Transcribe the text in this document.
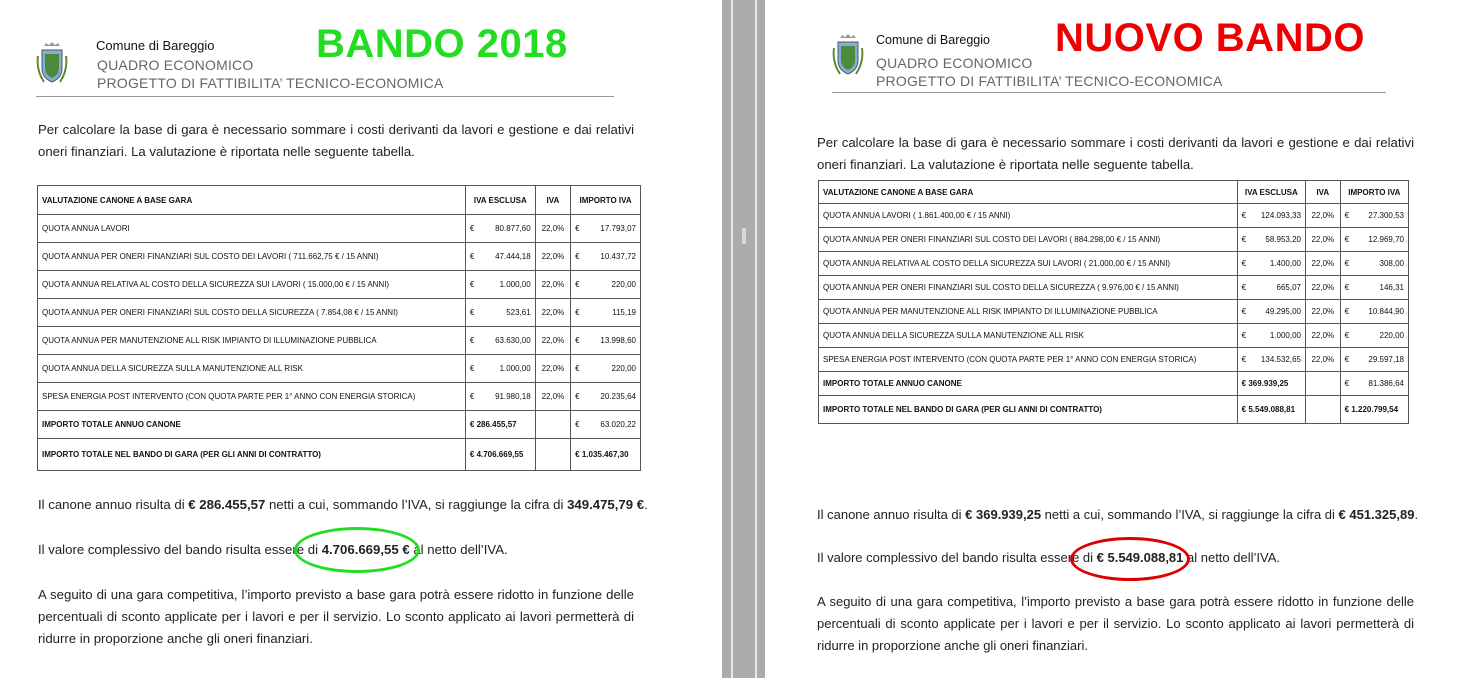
Comune di Bareggio
QUADRO ECONOMICO
PROGETTO DI FATTIBILITA’ TECNICO-ECONOMICA
BANDO 2018
Per calcolare la base di gara è necessario sommare i costi derivanti da lavori e gestione e dai relativi oneri finanziari. La valutazione è riportata nelle seguente tabella.
VALUTAZIONE CANONE A BASE GARA	IVA ESCLUSA	IVA	IMPORTO IVA
QUOTA ANNUA LAVORI	€ 80.877,60	22,0%	€ 17.793,07

QUOTA ANNUA PER ONERI FINANZIARI SUL COSTO DEI LAVORI ( 711.662,75 € / 15 ANNI)	€ 47.444,18	22,0%	€ 10.437,72

QUOTA ANNUA RELATIVA AL COSTO DELLA SICUREZZA SUI LAVORI ( 15.000,00 € / 15 ANNI)	€ 1.000,00	22,0%	€ 220,00

QUOTA ANNUA PER ONERI FINANZIARI SUL COSTO DELLA SICUREZZA ( 7.854,08 € / 15 ANNI)	€ 523,61	22,0%	€ 115,19

QUOTA ANNUA PER MANUTENZIONE ALL RISK IMPIANTO DI ILLUMINAZIONE PUBBLICA	€ 63.630,00	22,0%	€ 13.998,60

QUOTA ANNUA DELLA SICUREZZA SULLA MANUTENZIONE ALL RISK	€ 1.000,00	22,0%	€ 220,00

SPESA ENERGIA POST INTERVENTO (CON QUOTA PARTE PER 1° ANNO CON ENERGIA STORICA)	€ 91.980,18	22,0%	€ 20.235,64

IMPORTO TOTALE ANNUO CANONE	€ 286.455,57		€ 63.020,22

IMPORTO TOTALE NEL BANDO DI GARA (PER GLI ANNI DI CONTRATTO)	€ 4.706.669,55		€ 1.035.467,30
Il canone annuo risulta di € 286.455,57 netti a cui, sommando l’IVA, si raggiunge la cifra di 349.475,79 €.
Il valore complessivo del bando risulta essere di 4.706.669,55 € al netto dell’IVA.
A seguito di una gara competitiva, l’importo previsto a base gara potrà essere ridotto in funzione delle percentuali di sconto applicate per i lavori e per il servizio. Lo sconto applicato ai lavori permetterà di ridurre in proporzione anche gli oneri finanziari.
Comune di Bareggio
QUADRO ECONOMICO
PROGETTO DI FATTIBILITA’ TECNICO-ECONOMICA
NUOVO BANDO
Per calcolare la base di gara è necessario sommare i costi derivanti da lavori e gestione e dai relativi oneri finanziari. La valutazione è riportata nelle seguente tabella.
VALUTAZIONE CANONE A BASE GARA	IVA ESCLUSA	IVA	IMPORTO IVA
QUOTA ANNUA LAVORI ( 1.861.400,00 € / 15 ANNI)	€ 124.093,33	22,0%	€ 27.300,53

QUOTA ANNUA PER ONERI FINANZIARI SUL COSTO DEI LAVORI ( 884.298,00 € / 15 ANNI)	€ 58.953,20	22,0%	€ 12.969,70

QUOTA ANNUA RELATIVA AL COSTO DELLA SICUREZZA SUI LAVORI ( 21.000,00 € / 15 ANNI)	€ 1.400,00	22,0%	€ 308,00

QUOTA ANNUA PER ONERI FINANZIARI SUL COSTO DELLA SICUREZZA ( 9.976,00 € / 15 ANNI)	€ 665,07	22,0%	€ 146,31

QUOTA ANNUA PER MANUTENZIONE ALL RISK IMPIANTO DI ILLUMINAZIONE PUBBLICA	€ 49.295,00	22,0%	€ 10.844,90

QUOTA ANNUA DELLA SICUREZZA SULLA MANUTENZIONE ALL RISK	€ 1.000,00	22,0%	€ 220,00

SPESA ENERGIA POST INTERVENTO (CON QUOTA PARTE PER 1° ANNO CON ENERGIA STORICA)	€ 134.532,65	22,0%	€ 29.597,18

IMPORTO TOTALE ANNUO CANONE	€ 369.939,25		€ 81.386,64

IMPORTO TOTALE NEL BANDO DI GARA (PER GLI ANNI DI CONTRATTO)	€ 5.549.088,81		€ 1.220.799,54
Il canone annuo risulta di € 369.939,25 netti a cui, sommando l’IVA, si raggiunge la cifra di € 451.325,89.
Il valore complessivo del bando risulta essere di € 5.549.088,81 al netto dell’IVA.
A seguito di una gara competitiva, l’importo previsto a base gara potrà essere ridotto in funzione delle percentuali di sconto applicate per i lavori e per il servizio. Lo sconto applicato ai lavori permetterà di ridurre in proporzione anche gli oneri finanziari.
